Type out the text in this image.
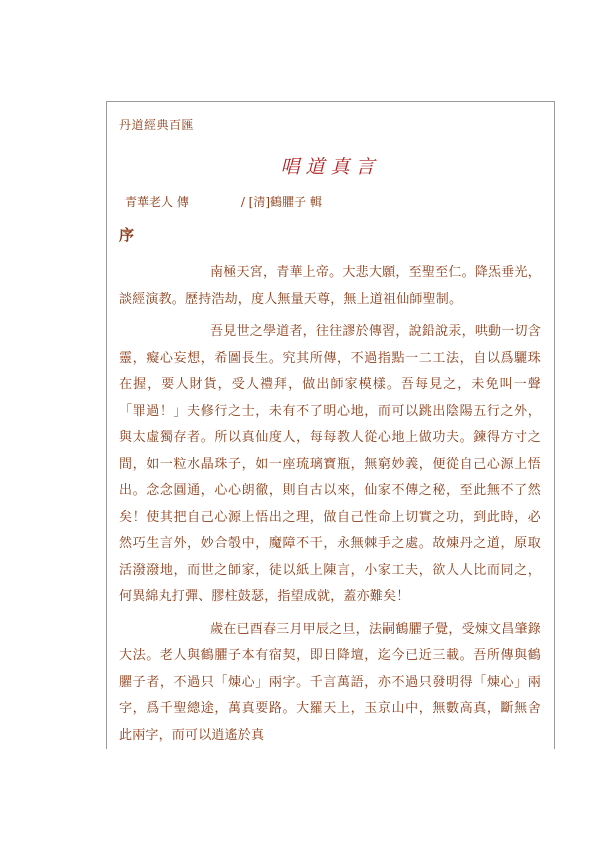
丹道經典百匯
唱道真言
青華老人 傳	/ [清]鶴臞子 輯
序

南極天宮，青華上帝。大悲大願，至聖至仁。降炁垂光，談經演教。歷持浩劫，度人無量天尊，無上道祖仙師聖制。

吾見世之學道者，往往謬於傳習，說鉛說汞，哄動一切含靈，癡心妄想，希圖長生。究其所傳，不過指點一二工法，自以爲驪珠在握，要人財貨，受人禮拜，做出師家模樣。吾每見之，未免叫一聲「罪過！」夫修行之士，未有不了明心地，而可以跳出陰陽五行之外，與太虛獨存者。所以真仙度人，每每教人從心地上做功夫。鍊得方寸之間，如一粒水晶珠子，如一座琉璃寶瓶，無窮妙義，便從自己心源上悟出。念念圓通，心心朗徹，則自古以來，仙家不傳之秘，至此無不了然矣！使其把自己心源上悟出之理，做自己性命上切實之功，到此時，必然巧生言外，妙合彀中，魔障不干，永無棘手之處。故煉丹之道，原取活潑潑地，而世之師家，徒以紙上陳言，小家工夫，欲人人比而同之，何異綿丸打彈、膠柱鼓瑟，指望成就，蓋亦難矣！

歲在已酉春三月甲辰之旦，法嗣鶴臞子覺，受煉文昌肇錄大法。老人與鶴臞子本有宿契，即日降壇，迄今已近三載。吾所傳與鶴臞子者，不過只「煉心」兩字。千言萬語，亦不過只發明得「煉心」兩字，爲千聖總途，萬真要路。大羅天上，玉京山中，無數高真，斷無舍此兩字，而可以逍遙於真
